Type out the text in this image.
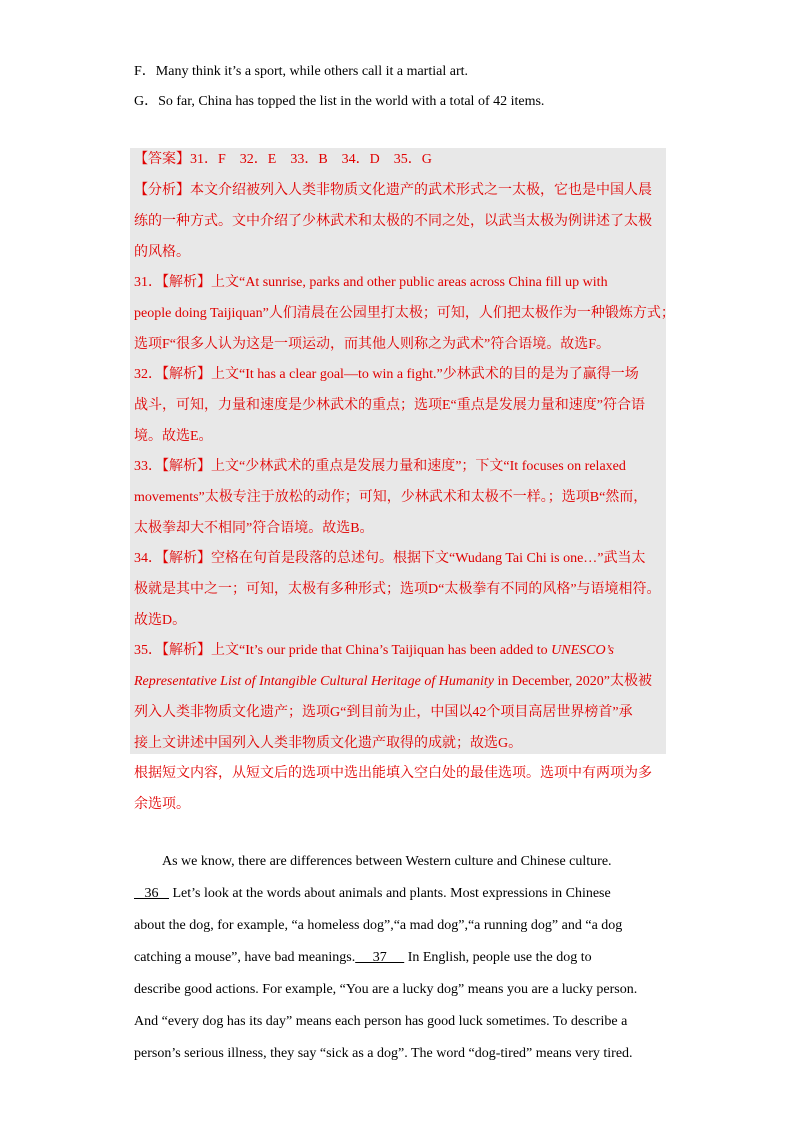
F．Many think it’s a sport, while others call it a martial art.
G．So far, China has topped the list in the world with a total of 42 items.
【答案】31．F　32．E　33．B　34．D　35．G
【分析】本文介绍被列入人类非物质文化遗产的武术形式之一太极，它也是中国人晨
练的一种方式。文中介绍了少林武术和太极的不同之处，以武当太极为例讲述了太极
的风格。
31．【解析】上文“At sunrise, parks and other public areas across China fill up with
people doing Taijiquan”人们清晨在公园里打太极；可知，人们把太极作为一种锻炼方式；
选项F“很多人认为这是一项运动，而其他人则称之为武术”符合语境。故选F。
32．【解析】上文“It has a clear goal—to win a fight.”少林武术的目的是为了赢得一场
战斗，可知，力量和速度是少林武术的重点；选项E“重点是发展力量和速度”符合语
境。故选E。
33．【解析】上文“少林武术的重点是发展力量和速度”；下文“It focuses on relaxed
movements”太极专注于放松的动作；可知，少林武术和太极不一样。；选项B“然而，
太极拳却大不相同”符合语境。故选B。
34．【解析】空格在句首是段落的总述句。根据下文“Wudang Tai Chi is one…”武当太
极就是其中之一；可知，太极有多种形式；选项D“太极拳有不同的风格”与语境相符。
故选D。
35．【解析】上文“It’s our pride that China’s Taijiquan has been added to UNESCO’s
Representative List of Intangible Cultural Heritage of Humanity in December, 2020”太极被
列入人类非物质文化遗产；选项G“到目前为止，中国以42个项目高居世界榜首”承
接上文讲述中国列入人类非物质文化遗产取得的成就；故选G。
根据短文内容，从短文后的选项中选出能填入空白处的最佳选项。选项中有两项为多
余选项。
As we know, there are differences between Western culture and Chinese culture.
36    Let’s look at the words about animals and plants. Most expressions in Chinese
about the dog, for example, “a homeless dog”,“a mad dog”,“a running dog” and “a dog
catching a mouse”, have bad meanings.     37      In English, people use the dog to
describe good actions. For example, “You are a lucky dog” means you are a lucky person.
And “every dog has its day” means each person has good luck sometimes. To describe a
person’s serious illness, they say “sick as a dog”. The word “dog-tired” means very tired.
